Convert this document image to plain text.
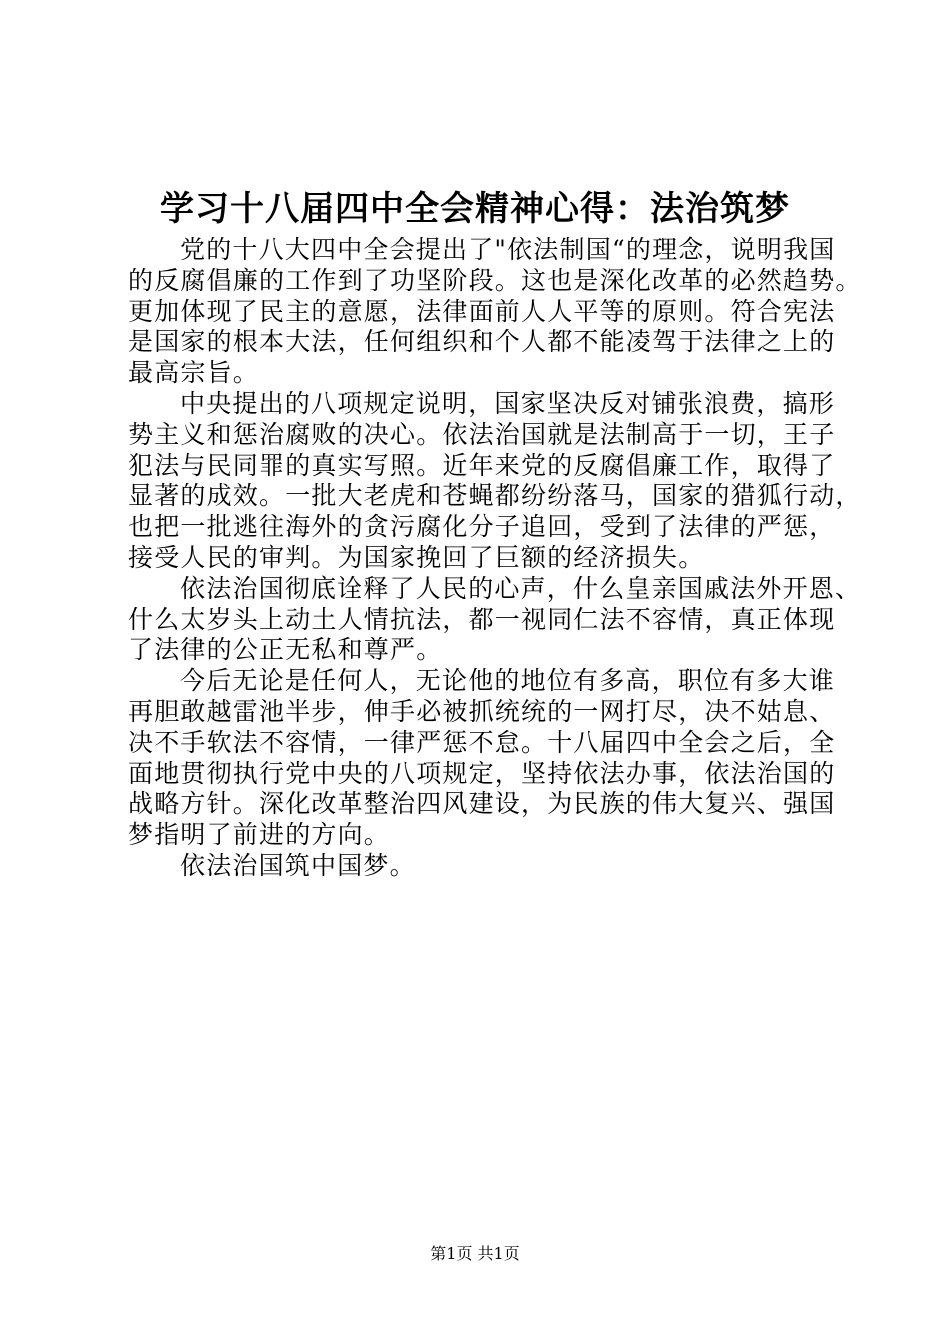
学习十八届四中全会精神心得：法治筑梦
党的十八大四中全会提出了"依法制国“的理念，说明我国
的反腐倡廉的工作到了功坚阶段。这也是深化改革的必然趋势。
更加体现了民主的意愿，法律面前人人平等的原则。符合宪法
是国家的根本大法，任何组织和个人都不能凌驾于法律之上的
最高宗旨。
中央提出的八项规定说明，国家坚决反对铺张浪费，搞形
势主义和惩治腐败的决心。依法治国就是法制高于一切，王子
犯法与民同罪的真实写照。近年来党的反腐倡廉工作，取得了
显著的成效。一批大老虎和苍蝇都纷纷落马，国家的猎狐行动，
也把一批逃往海外的贪污腐化分子追回，受到了法律的严惩，
接受人民的审判。为国家挽回了巨额的经济损失。
依法治国彻底诠释了人民的心声，什么皇亲国戚法外开恩、
什么太岁头上动土人情抗法，都一视同仁法不容情，真正体现
了法律的公正无私和尊严。
今后无论是任何人，无论他的地位有多高，职位有多大谁
再胆敢越雷池半步，伸手必被抓统统的一网打尽，决不姑息、
决不手软法不容情，一律严惩不怠。十八届四中全会之后，全
面地贯彻执行党中央的八项规定，坚持依法办事，依法治国的
战略方针。深化改革整治四风建设，为民族的伟大复兴、强国
梦指明了前进的方向。
依法治国筑中国梦。
第1页 共1页
